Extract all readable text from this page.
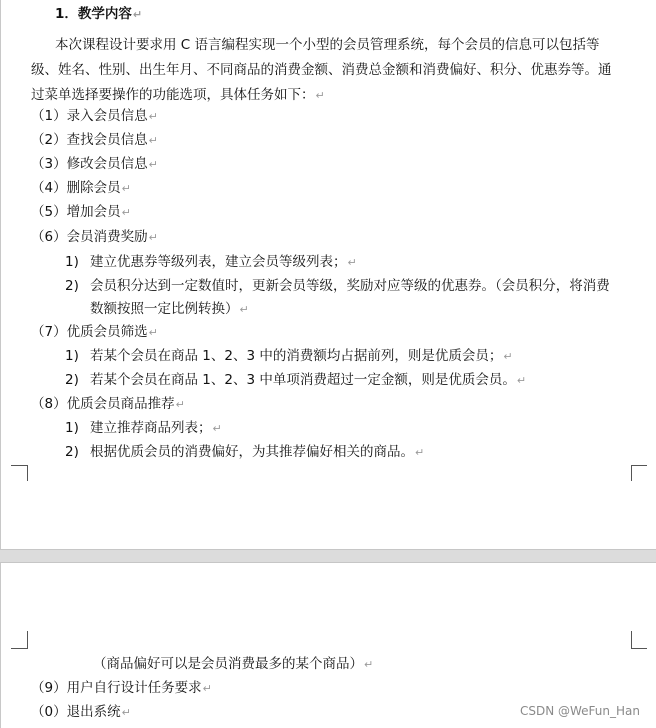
1．教学内容↵
本次课程设计要求用 C 语言编程实现一个小型的会员管理系统，每个会员的信息可以包括等
级、姓名、性别、出生年月、不同商品的消费金额、消费总金额和消费偏好、积分、优惠券等。通
过菜单选择要操作的功能选项，具体任务如下：↵
（1）录入会员信息↵
（2）查找会员信息↵
（3）修改会员信息↵
（4）删除会员↵
（5）增加会员↵
（6）会员消费奖励↵
1) 建立优惠券等级列表，建立会员等级列表；↵
2) 会员积分达到一定数值时，更新会员等级，奖励对应等级的优惠券。（会员积分，将消费
数额按照一定比例转换）↵
（7）优质会员筛选↵
1) 若某个会员在商品 1、2、3 中的消费额均占据前列，则是优质会员；↵
2) 若某个会员在商品 1、2、3 中单项消费超过一定金额，则是优质会员。↵
（8）优质会员商品推荐↵
1) 建立推荐商品列表；↵
2) 根据优质会员的消费偏好，为其推荐偏好相关的商品。↵
（商品偏好可以是会员消费最多的某个商品）↵
（9）用户自行设计任务要求↵
（0）退出系统↵	CSDN @WeFun_Han
